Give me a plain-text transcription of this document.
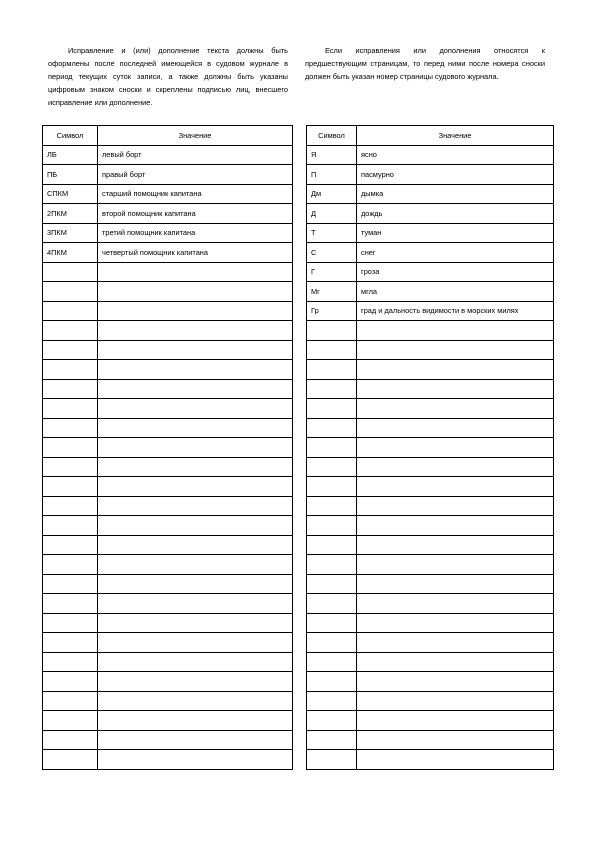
Исправление и (или) дополнение текста должны быть оформлены после последней имеющейся в судовом журнале в период текущих суток записи, а также должны быть указаны цифровым знаком сноски и скреплены подписью лиц, внесшего исправление или дополнение.

Если исправления или дополнения относятся к предшествующим страницам, то перед ними после номера сноски должен быть указан номер страницы судового журнала.

Символ	Значение
ЛБ	левый борт
ПБ	правый борт
СПКМ	старший помощник капитана
2ПКМ	второй помощник капитана
3ПКМ	третий помощник капитана
4ПКМ	четвертый помощник капитана

Символ	Значение
Я	ясно
П	пасмурно
Дм	дымка
Д	дождь
Т	туман
С	снег
Г	гроза
Мг	мгла
Гр	град и дальность видимости в морских милях
